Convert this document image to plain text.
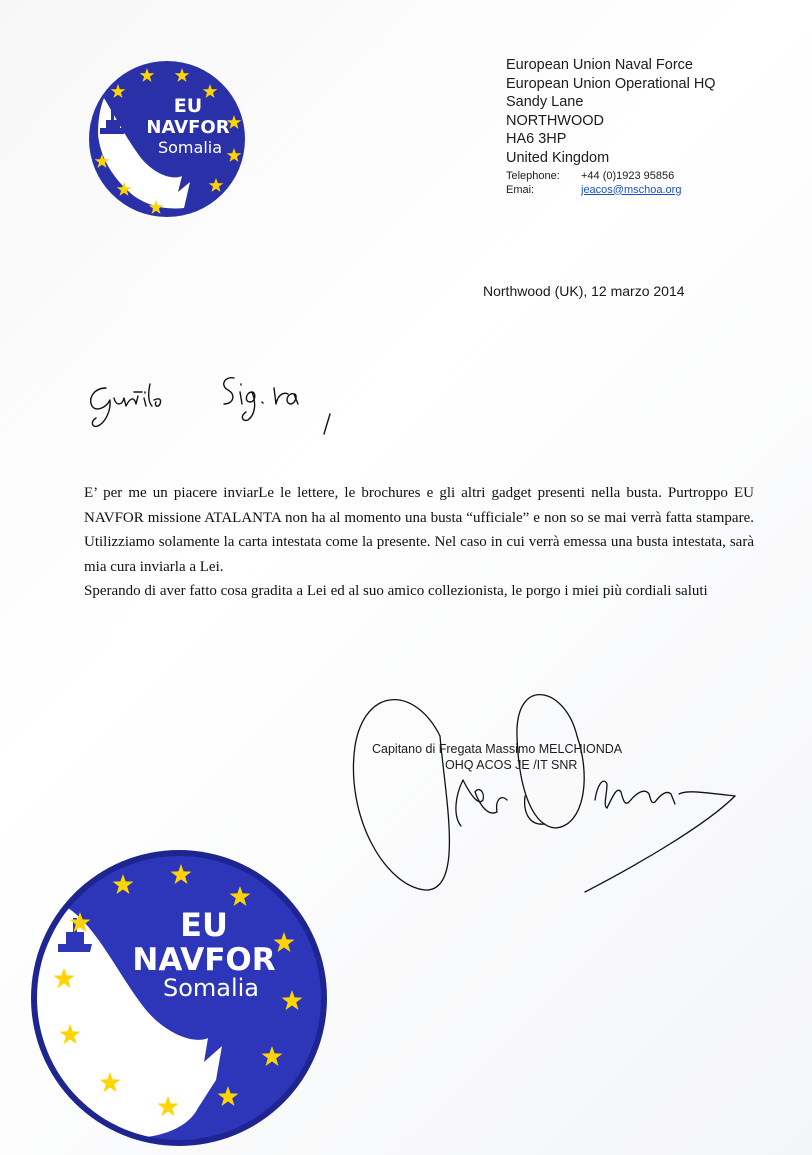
EU
NAVFOR
Somalia
European Union Naval Force
European Union Operational HQ
Sandy Lane
NORTHWOOD
HA6 3HP
United Kingdom
Telephone:	+44 (0)1923 95856
Emai:	jeacos@mschoa.org
Northwood (UK), 12 marzo 2014

E’ per me un piacere inviarLe le lettere, le brochures e gli altri gadget presenti nella busta. Purtroppo EU NAVFOR missione ATALANTA non ha al momento una busta “ufficiale” e non so se mai verrà fatta stampare. Utilizziamo solamente la carta intestata come la presente. Nel caso in cui verrà emessa una busta intestata, sarà mia cura inviarla a Lei.

Sperando di aver fatto cosa gradita a Lei ed al suo amico collezionista, le porgo i miei più cordiali saluti

Capitano di Fregata Massimo MELCHIONDA
OHQ ACOS JE /IT SNR
EU
NAVFOR
Somalia
